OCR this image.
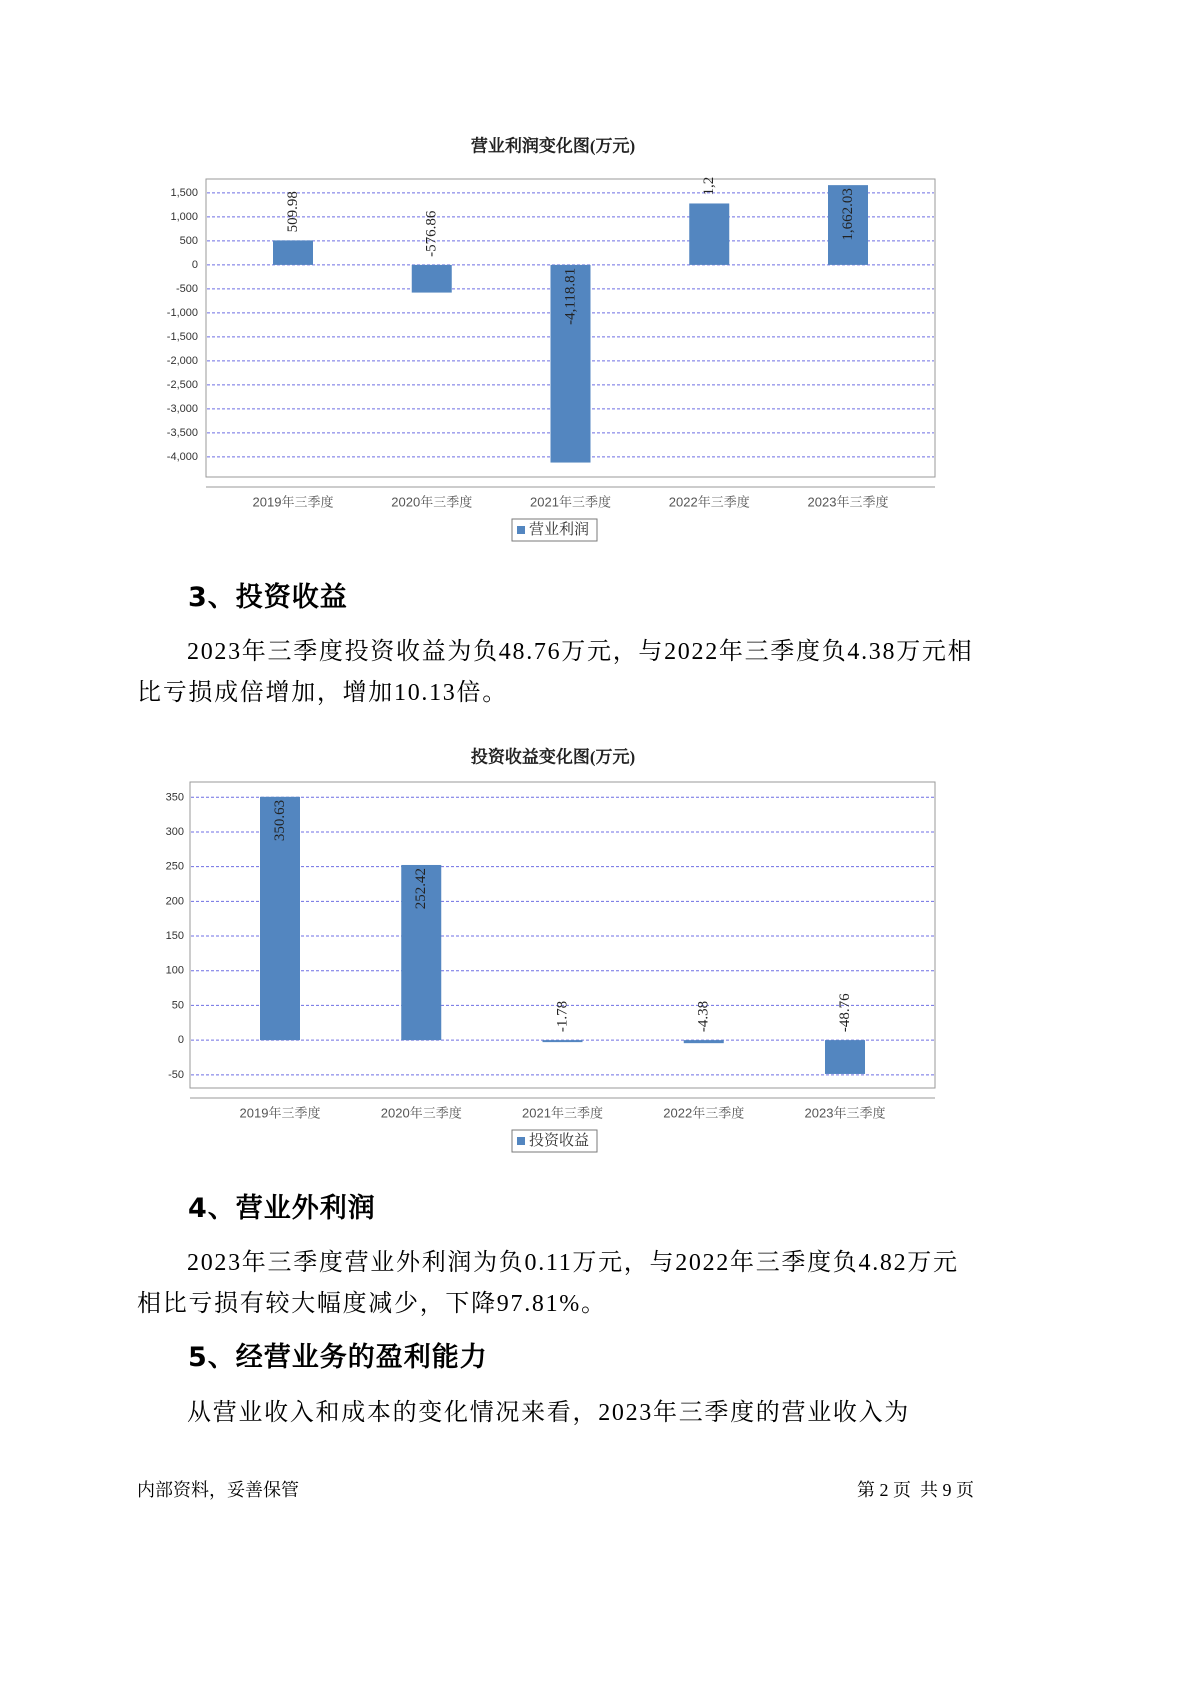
营业利润变化图(万元)
1,500
1,000
500
0
-500
-1,000
-1,500
-2,000
-2,500
-3,000
-3,500
-4,000
509.98	-576.86
-4,118.81
1,2
1,662.03
2019年三季度	2020年三季度	2021年三季度	2022年三季度	2023年三季度
营业利润
3、投资收益

2023年三季度投资收益为负48.76万元，与2022年三季度负4.38万元相

比亏损成倍增加，增加10.13倍。

投资收益变化图(万元)
350
300
250
200
150
100
50
0
-50
350.63
252.42
-1.78	-4.38	-48.76
2019年三季度	2020年三季度	2021年三季度	2022年三季度	2023年三季度
投资收益
4、营业外利润

2023年三季度营业外利润为负0.11万元，与2022年三季度负4.82万元

相比亏损有较大幅度减少，下降97.81%。

5、经营业务的盈利能力

从营业收入和成本的变化情况来看，2023年三季度的营业收入为

内部资料，妥善保管	第 2 页  共 9 页
